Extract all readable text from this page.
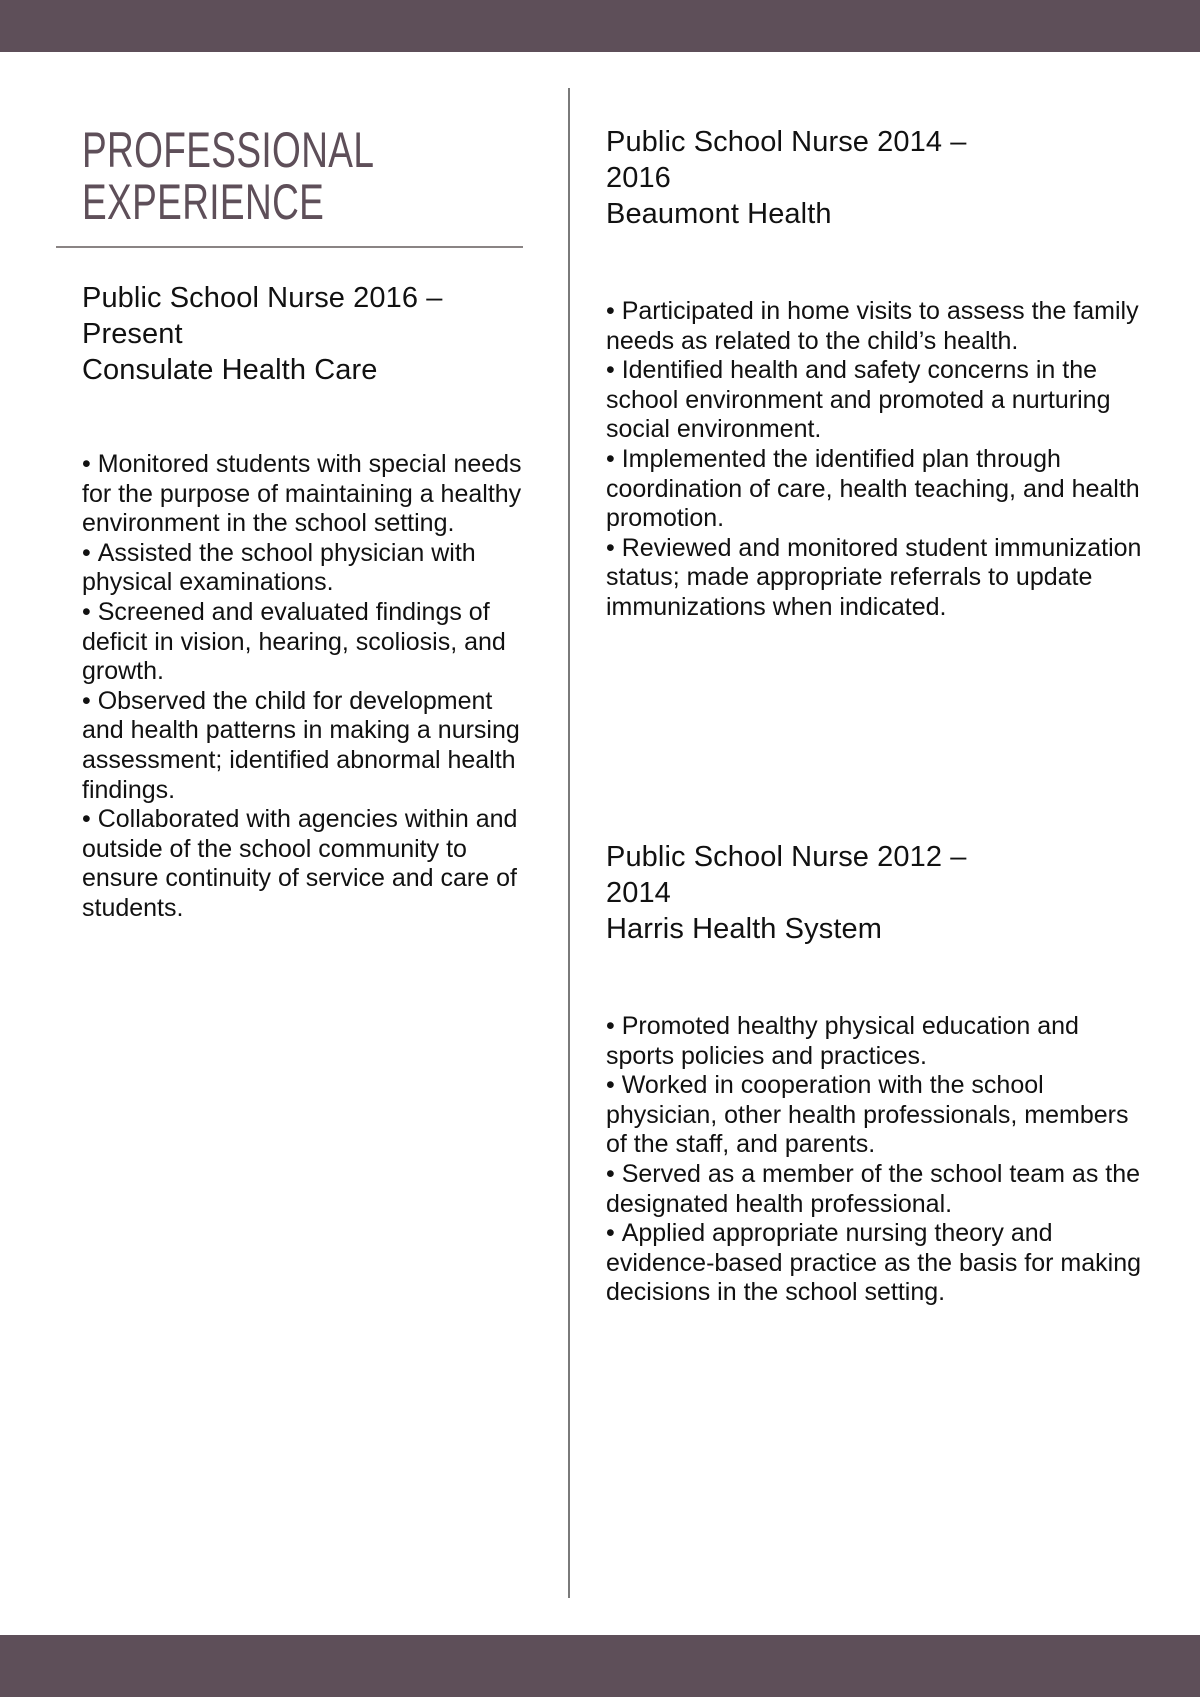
PROFESSIONAL
EXPERIENCE
Public School Nurse 2016 – Present
Consulate Health Care
• Monitored students with special needs for the purpose of maintaining a healthy environment in the school setting.
• Assisted the school physician with physical examinations.
• Screened and evaluated findings of deficit in vision, hearing, scoliosis, and growth.
• Observed the child for development and health patterns in making a nursing assessment; identified abnormal health findings.
• Collaborated with agencies within and outside of the school community to ensure continuity of service and care of students.
Public School Nurse 2014 – 2016
Beaumont Health
• Participated in home visits to assess the family needs as related to the child’s health.
• Identified health and safety concerns in the school environment and promoted a nurturing social environment.
• Implemented the identified plan through coordination of care, health teaching, and health promotion.
• Reviewed and monitored student immunization status; made appropriate referrals to update immunizations when indicated.
Public School Nurse 2012 – 2014
Harris Health System
• Promoted healthy physical education and sports policies and practices.
• Worked in cooperation with the school physician, other health professionals, members of the staff, and parents.
• Served as a member of the school team as the designated health professional.
• Applied appropriate nursing theory and evidence-based practice as the basis for making decisions in the school setting.
